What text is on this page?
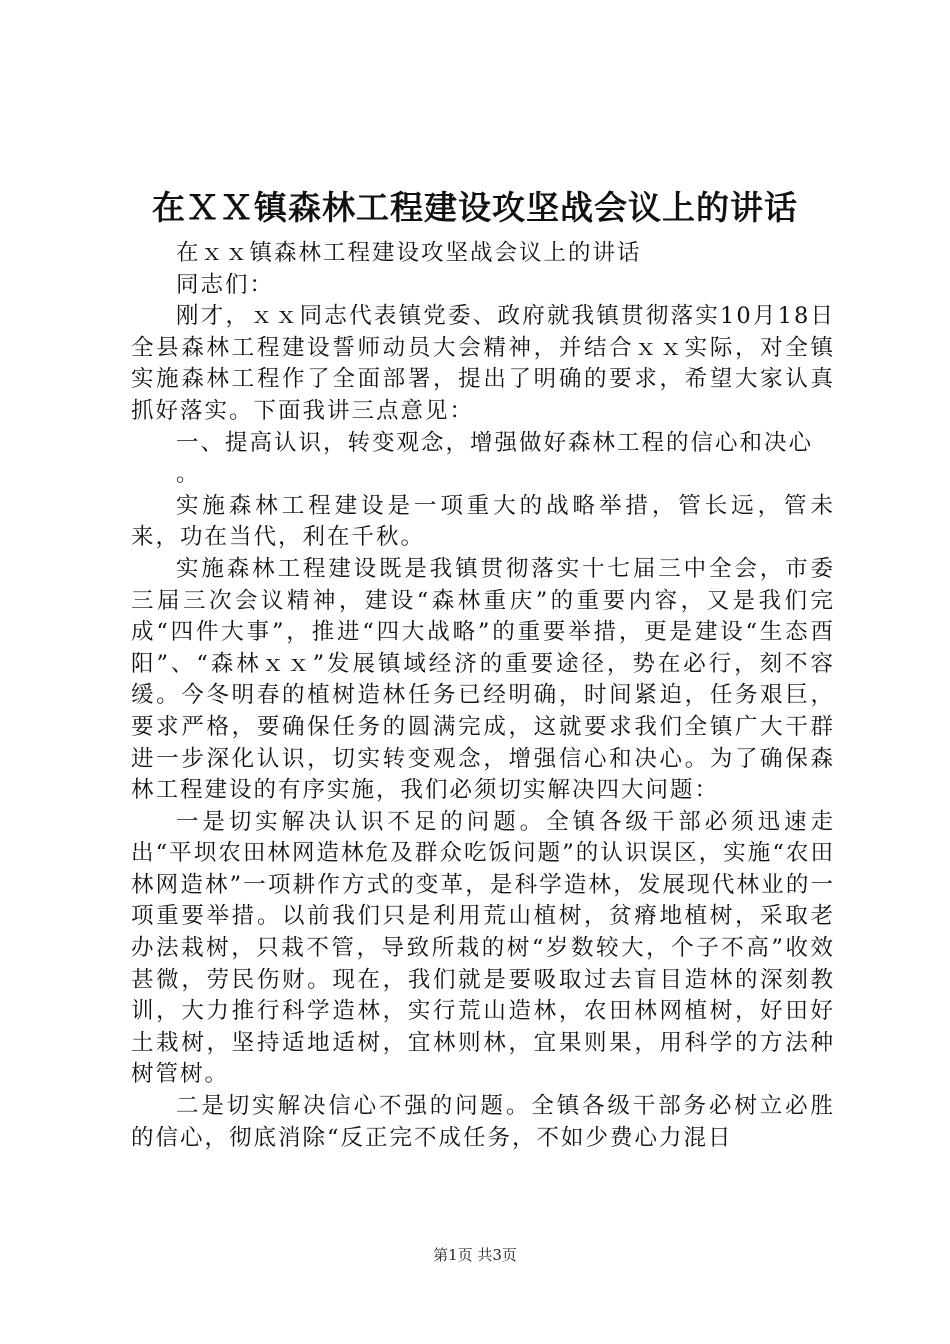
在ＸＸ镇森林工程建设攻坚战会议上的讲话

在ｘｘ镇森林工程建设攻坚战会议上的讲话

同志们：

刚才，ｘｘ同志代表镇党委、政府就我镇贯彻落实10月18日全县森林工程建设誓师动员大会精神，并结合ｘｘ实际，对全镇实施森林工程作了全面部署，提出了明确的要求，希望大家认真抓好落实。下面我讲三点意见：

一、提高认识，转变观念，增强做好森林工程的信心和决心

。

实施森林工程建设是一项重大的战略举措，管长远，管未来，功在当代，利在千秋。

实施森林工程建设既是我镇贯彻落实十七届三中全会，市委三届三次会议精神，建设“森林重庆”的重要内容，又是我们完成“四件大事”，推进“四大战略”的重要举措，更是建设“生态酉阳”、“森林ｘｘ”发展镇域经济的重要途径，势在必行，刻不容缓。今冬明春的植树造林任务已经明确，时间紧迫，任务艰巨，要求严格，要确保任务的圆满完成，这就要求我们全镇广大干群进一步深化认识，切实转变观念，增强信心和决心。为了确保森林工程建设的有序实施，我们必须切实解决四大问题：

一是切实解决认识不足的问题。全镇各级干部必须迅速走出“平坝农田林网造林危及群众吃饭问题”的认识误区，实施“农田林网造林”一项耕作方式的变革，是科学造林，发展现代林业的一项重要举措。以前我们只是利用荒山植树，贫瘠地植树，采取老办法栽树，只栽不管，导致所栽的树“岁数较大，个子不高”收效甚微，劳民伤财。现在，我们就是要吸取过去盲目造林的深刻教训，大力推行科学造林，实行荒山造林，农田林网植树，好田好土栽树，坚持适地适树，宜林则林，宜果则果，用科学的方法种树管树。

二是切实解决信心不强的问题。全镇各级干部务必树立必胜的信心，彻底消除“反正完不成任务，不如少费心力混日

第1页 共3页
